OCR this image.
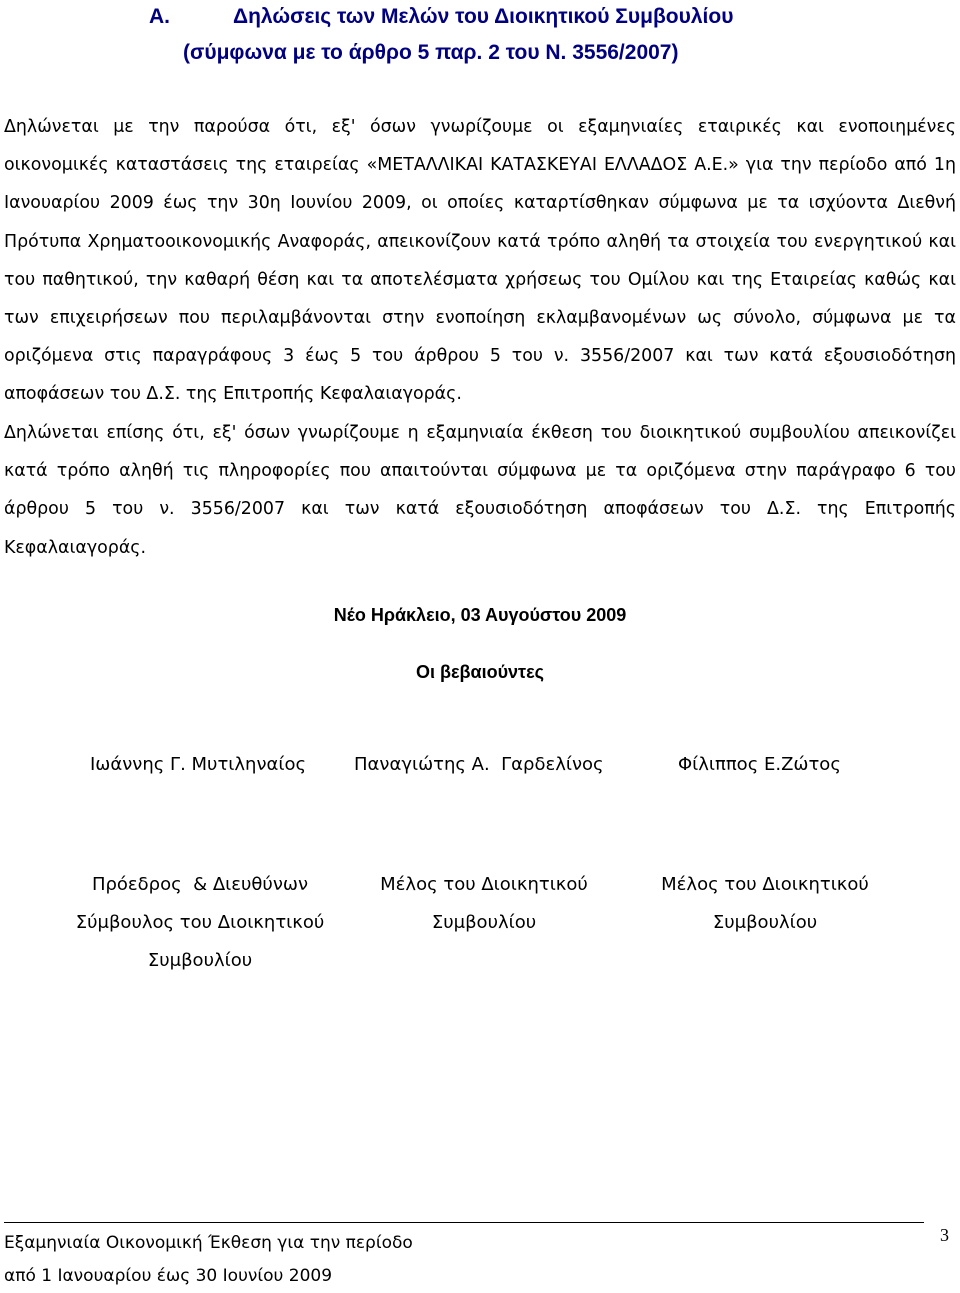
Α.	Δηλώσεις των Μελών του Διοικητικού Συμβουλίου
(σύμφωνα με το άρθρο 5 παρ. 2 του Ν. 3556/2007)

Δηλώνεται με την παρούσα ότι, εξ' όσων γνωρίζουμε οι εξαμηνιαίες εταιρικές και ενοποιημένες οικονομικές καταστάσεις της εταιρείας «ΜΕΤΑΛΛΙΚΑΙ ΚΑΤΑΣΚΕΥΑΙ ΕΛΛΑΔΟΣ Α.Ε.» για την περίοδο από 1η Ιανουαρίου 2009 έως την 30η Ιουνίου 2009, οι οποίες καταρτίσθηκαν σύμφωνα με τα ισχύοντα Διεθνή Πρότυπα Χρηματοοικονομικής Αναφοράς, απεικονίζουν κατά τρόπο αληθή τα στοιχεία του ενεργητικού και του παθητικού, την καθαρή θέση και τα αποτελέσματα χρήσεως του Ομίλου και της Εταιρείας καθώς και των επιχειρήσεων που περιλαμβάνονται στην ενοποίηση εκλαμβανομένων ως σύνολο, σύμφωνα με τα οριζόμενα στις παραγράφους 3 έως 5 του άρθρου 5 του ν. 3556/2007 και των κατά εξουσιοδότηση αποφάσεων του Δ.Σ. της Επιτροπής Κεφαλαιαγοράς.

Δηλώνεται επίσης ότι, εξ' όσων γνωρίζουμε η εξαμηνιαία έκθεση του διοικητικού συμβουλίου απεικονίζει κατά τρόπο αληθή τις πληροφορίες που απαιτούνται σύμφωνα με τα οριζόμενα στην παράγραφο 6 του άρθρου 5 του ν. 3556/2007 και των κατά εξουσιοδότηση αποφάσεων του Δ.Σ. της Επιτροπής Κεφαλαιαγοράς.

Νέο Ηράκλειο, 03 Αυγούστου 2009
Οι βεβαιούντες
Ιωάννης Γ. Μυτιληναίος	Παναγιώτης Α.  Γαρδελίνος	Φίλιππος Ε.Ζώτος
Πρόεδρος  & Διευθύνων
Σύμβουλος του Διοικητικού
Συμβουλίου
Μέλος του Διοικητικού
Συμβουλίου
Μέλος του Διοικητικού
Συμβουλίου
Εξαμηνιαία Οικονομική Έκθεση για την περίοδο
από 1 Ιανουαρίου έως 30 Ιουνίου 2009
3
